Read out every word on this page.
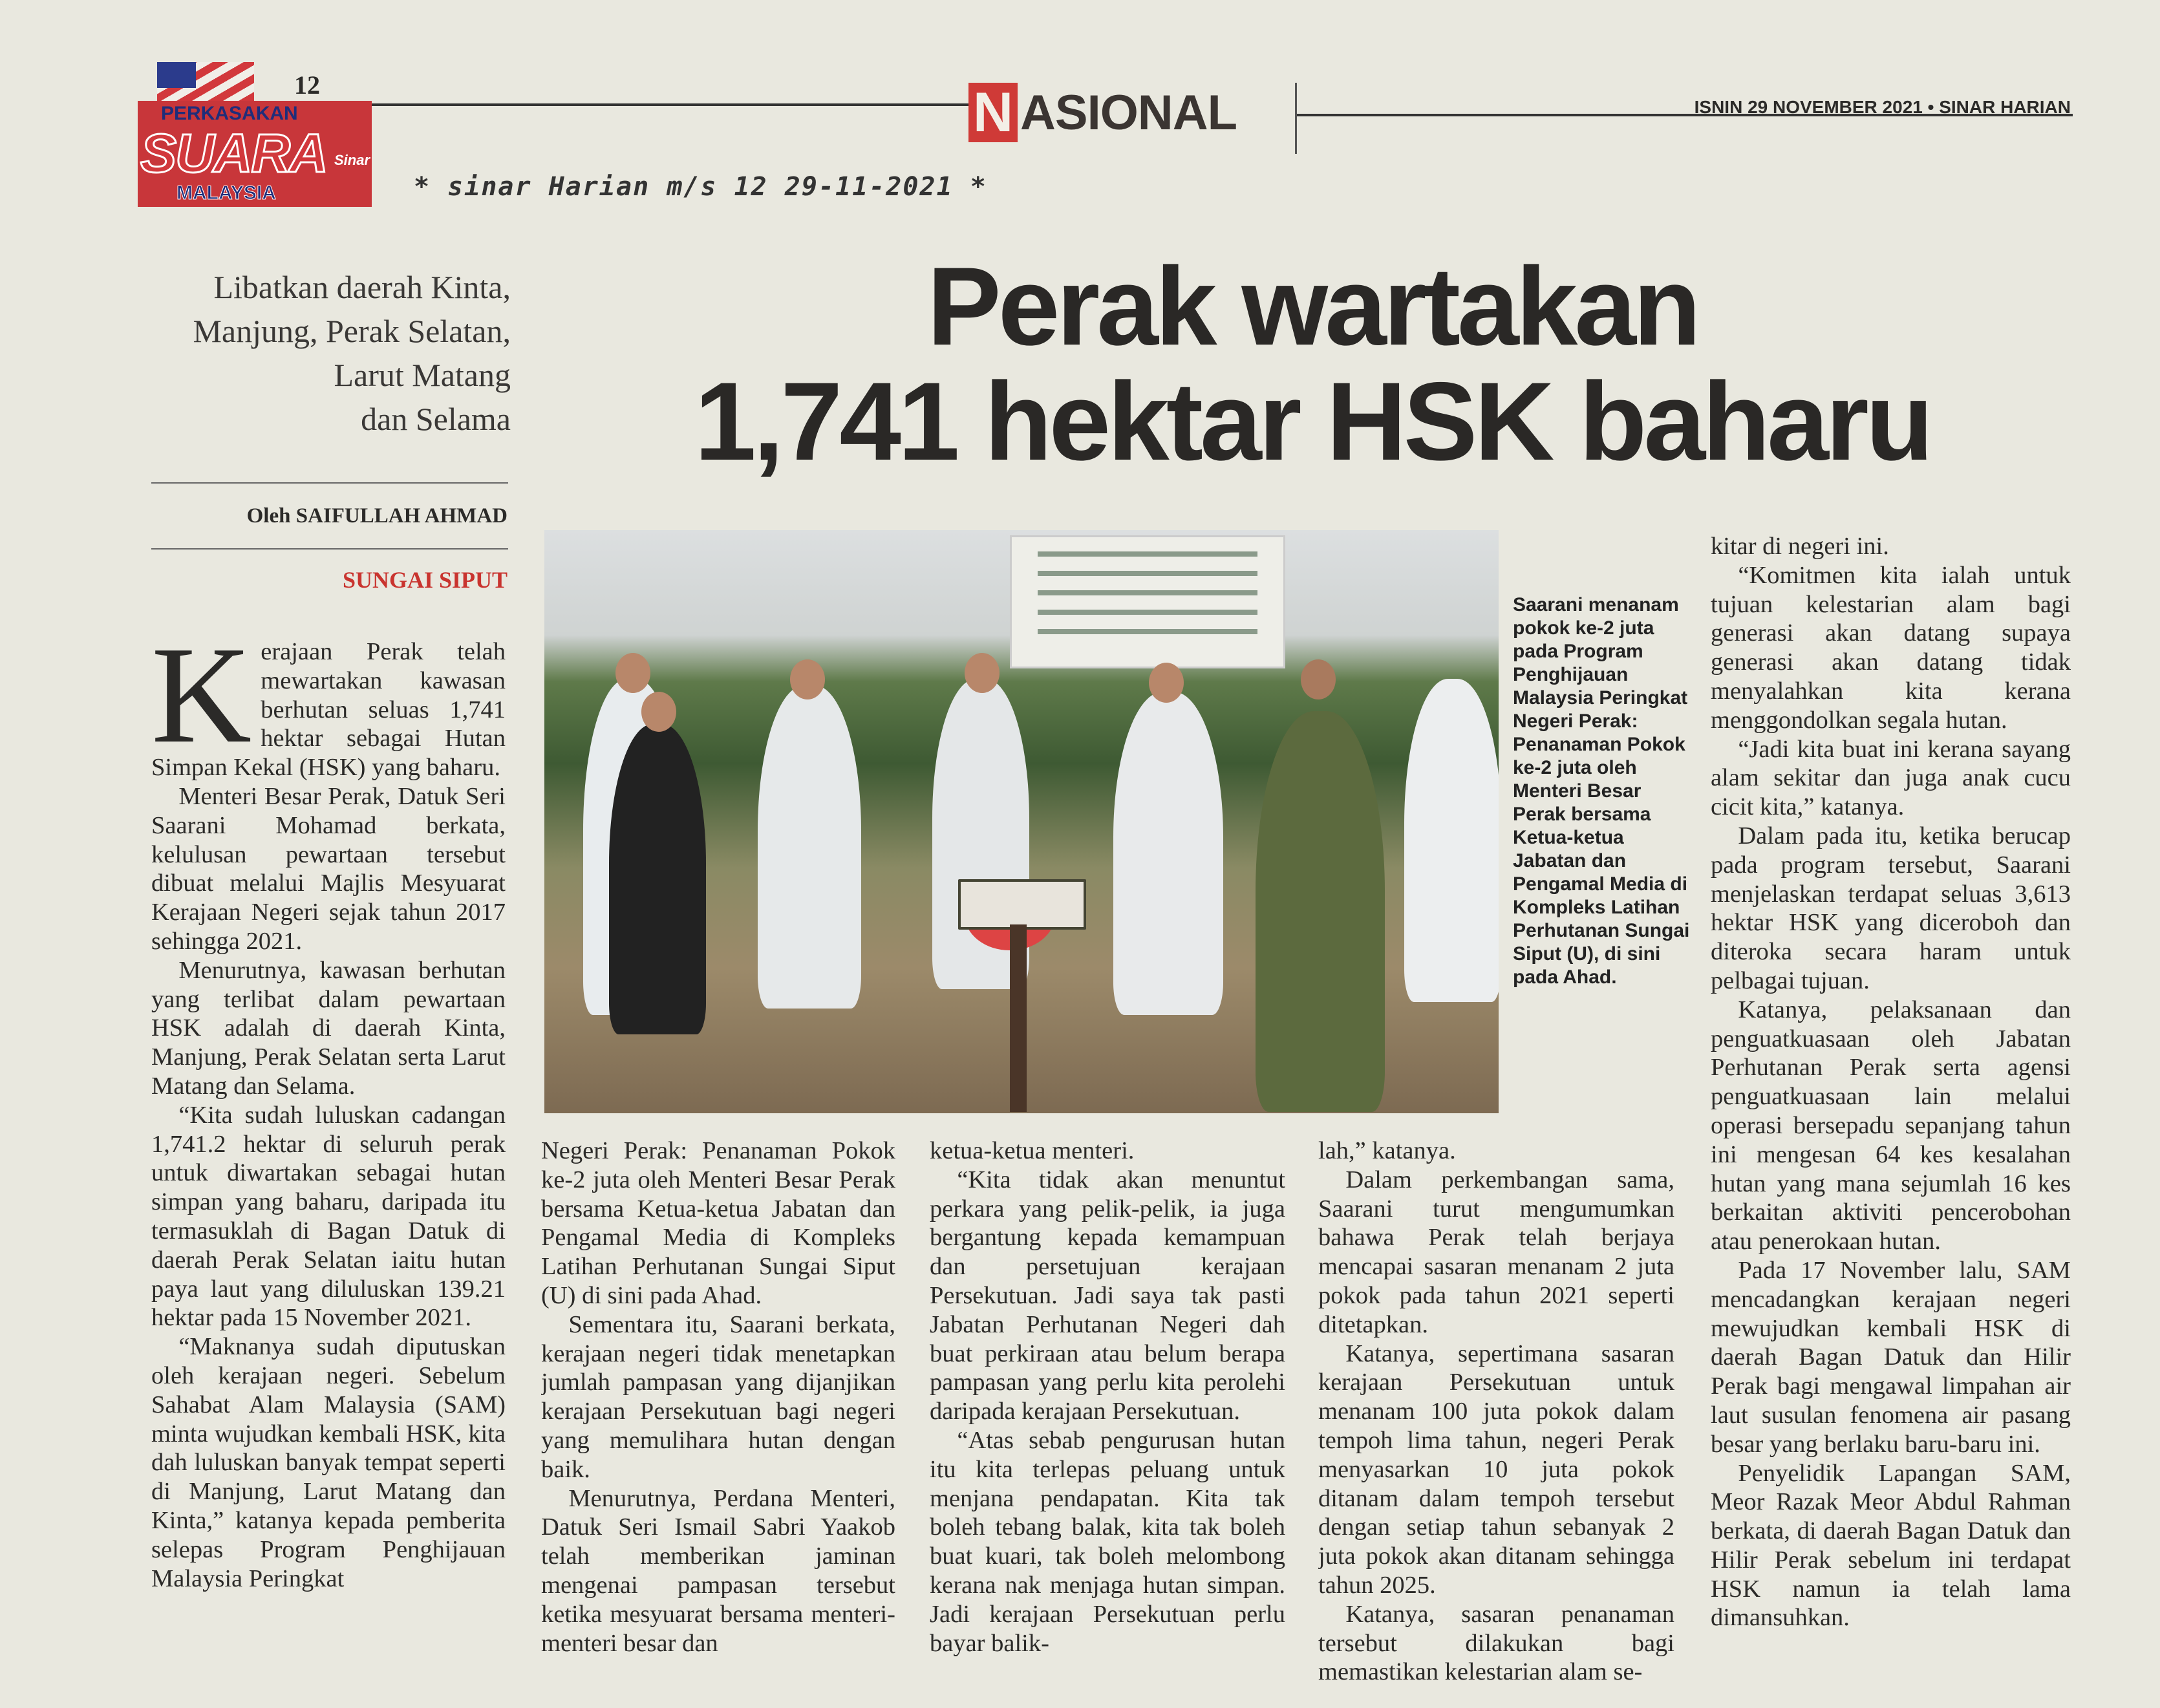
PERKASAKAN
SUARA
MALAYSIA
Sinar
12	N ASIONAL	ISNIN 29 NOVEMBER 2021 • SINAR HARIAN
* sinar Harian m/s 12 29-11-2021 *
Libatkan daerah Kinta,
Manjung, Perak Selatan,
Larut Matang
dan Selama
Perak wartakan
1,741 hektar HSK baharu
Oleh SAIFULLAH AHMAD
SUNGAI SIPUT

Kerajaan Perak telah mewartakan kawasan berhutan seluas 1,741 hektar sebagai Hutan Simpan Kekal (HSK) yang baharu.

Menteri Besar Perak, Datuk Seri Saarani Mohamad berkata, kelulusan pewartaan tersebut dibuat melalui Majlis Mesyuarat Kerajaan Negeri sejak tahun 2017 sehingga 2021.

Menurutnya, kawasan berhutan yang terlibat dalam pewartaan HSK adalah di daerah Kinta, Manjung, Perak Selatan serta Larut Matang dan Selama.

“Kita sudah luluskan cadangan 1,741.2 hektar di seluruh perak untuk diwartakan sebagai hutan simpan yang baharu, daripada itu termasuklah di Bagan Datuk di daerah Perak Selatan iaitu hutan paya laut yang diluluskan 139.21 hektar pada 15 November 2021.

“Maknanya sudah diputuskan oleh kerajaan negeri. Sebelum Sahabat Alam Malaysia (SAM) minta wujudkan kembali HSK, kita dah luluskan banyak tempat seperti di Manjung, Larut Matang dan Kinta,” katanya kepada pemberita selepas Program Penghijauan Malaysia Peringkat

Saarani menanam pokok ke-2 juta pada Program Penghijauan Malaysia Peringkat Negeri Perak: Penanaman Pokok ke-2 juta oleh Menteri Besar Perak bersama Ketua-ketua Jabatan dan Pengamal Media di Kompleks Latihan Perhutanan Sungai Siput (U), di sini pada Ahad.

Negeri Perak: Penanaman Pokok ke-2 juta oleh Menteri Besar Perak bersama Ketua-ketua Jabatan dan Pengamal Media di Kompleks Latihan Perhutanan Sungai Siput (U) di sini pada Ahad.

Sementara itu, Saarani berkata, kerajaan negeri tidak menetapkan jumlah pampasan yang dijanjikan kerajaan Persekutuan bagi negeri yang memulihara hutan dengan baik.

Menurutnya, Perdana Menteri, Datuk Seri Ismail Sabri Yaakob telah memberikan jaminan mengenai pampasan tersebut ketika mesyuarat bersama menteri-menteri besar dan

ketua-ketua menteri.

“Kita tidak akan menuntut perkara yang pelik-pelik, ia juga bergantung kepada kemampuan dan persetujuan kerajaan Persekutuan. Jadi saya tak pasti Jabatan Perhutanan Negeri dah buat perkiraan atau belum berapa pampasan yang perlu kita perolehi daripada kerajaan Persekutuan.

“Atas sebab pengurusan hutan itu kita terlepas peluang untuk menjana pendapatan. Kita tak boleh tebang balak, kita tak boleh buat kuari, tak boleh melombong kerana nak menjaga hutan simpan. Jadi kerajaan Persekutuan perlu bayar balik-

lah,” katanya.

Dalam perkembangan sama, Saarani turut mengumumkan bahawa Perak telah berjaya mencapai sasaran menanam 2 juta pokok pada tahun 2021 seperti ditetapkan.

Katanya, sepertimana sasaran kerajaan Persekutuan untuk menanam 100 juta pokok dalam tempoh lima tahun, negeri Perak menyasarkan 10 juta pokok ditanam dalam tempoh tersebut dengan setiap tahun sebanyak 2 juta pokok akan ditanam sehingga tahun 2025.

Katanya, sasaran penanaman tersebut dilakukan bagi memastikan kelestarian alam se-

kitar di negeri ini.

“Komitmen kita ialah untuk tujuan kelestarian alam bagi generasi akan datang supaya generasi akan datang tidak menyalahkan kita kerana menggondolkan segala hutan.

“Jadi kita buat ini kerana sayang alam sekitar dan juga anak cucu cicit kita,” katanya.

Dalam pada itu, ketika berucap pada program tersebut, Saarani menjelaskan terdapat seluas 3,613 hektar HSK yang diceroboh dan diteroka secara haram untuk pelbagai tujuan.

Katanya, pelaksanaan dan penguatkuasaan oleh Jabatan Perhutanan Perak serta agensi penguatkuasaan lain melalui operasi bersepadu sepanjang tahun ini mengesan 64 kes kesalahan hutan yang mana sejumlah 16 kes berkaitan aktiviti pencerobohan atau penerokaan hutan.

Pada 17 November lalu, SAM mencadangkan kerajaan negeri mewujudkan kembali HSK di daerah Bagan Datuk dan Hilir Perak bagi mengawal limpahan air laut susulan fenomena air pasang besar yang berlaku baru-baru ini.

Penyelidik Lapangan SAM, Meor Razak Meor Abdul Rahman berkata, di daerah Bagan Datuk dan Hilir Perak sebelum ini terdapat HSK namun ia telah lama dimansuhkan.
